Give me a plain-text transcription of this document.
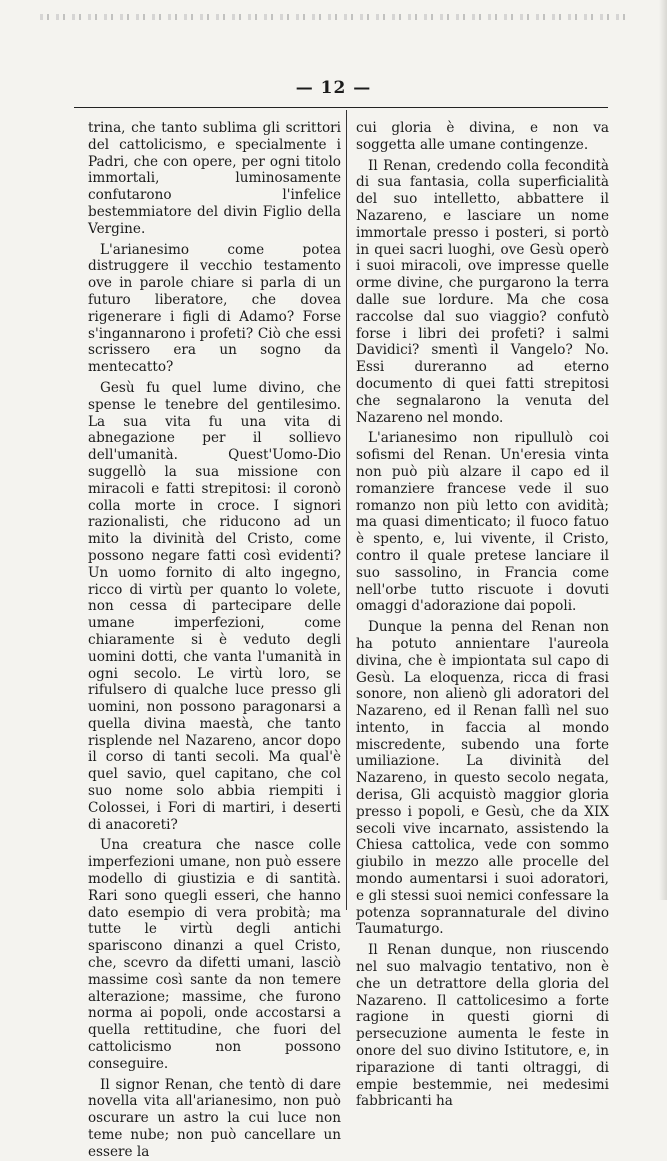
— 12 —

trina, che tanto sublima gli scrittori del cattolicismo, e specialmente i Padri, che con opere, per ogni titolo immortali, luminosamente confutarono l'infelice bestemmiatore del divin Figlio della Vergine.

L'arianesimo come potea distruggere il vecchio testamento ove in parole chiare si parla di un futuro liberatore, che dovea rigenerare i figli di Adamo? Forse s'ingannarono i profeti? Ciò che essi scrissero era un sogno da mentecatto?

Gesù fu quel lume divino, che spense le tenebre del gentilesimo. La sua vita fu una vita di abnegazione per il sollievo dell'umanità. Quest'Uomo-Dio suggellò la sua missione con miracoli e fatti strepitosi: il coronò colla morte in croce. I signori razionalisti, che riducono ad un mito la divinità del Cristo, come possono negare fatti così evidenti? Un uomo fornito di alto ingegno, ricco di virtù per quanto lo volete, non cessa di partecipare delle umane imperfezioni, come chiaramente si è veduto degli uomini dotti, che vanta l'umanità in ogni secolo. Le virtù loro, se rifulsero di qualche luce presso gli uomini, non possono paragonarsi a quella divina maestà, che tanto risplende nel Nazareno, ancor dopo il corso di tanti secoli. Ma qual'è quel savio, quel capitano, che col suo nome solo abbia riempiti i Colossei, i Fori di martiri, i deserti di anacoreti?

Una creatura che nasce colle imperfezioni umane, non può essere modello di giustizia e di santità. Rari sono quegli esseri, che hanno dato esempio di vera probità; ma tutte le virtù degli antichi spariscono dinanzi a quel Cristo, che, scevro da difetti umani, lasciò massime così sante da non temere alterazione; massime, che furono norma ai popoli, onde accostarsi a quella rettitudine, che fuori del cattolicismo non possono conseguire.

Il signor Renan, che tentò di dare novella vita all'arianesimo, non può oscurare un astro la cui luce non teme nube; non può cancellare un essere la

cui gloria è divina, e non va soggetta alle umane contingenze.

Il Renan, credendo colla fecondità di sua fantasia, colla superficialità del suo intelletto, abbattere il Nazareno, e lasciare un nome immortale presso i posteri, si portò in quei sacri luoghi, ove Gesù operò i suoi miracoli, ove impresse quelle orme divine, che purgarono la terra dalle sue lordure. Ma che cosa raccolse dal suo viaggio? confutò forse i libri dei profeti? i salmi Davidici? smentì il Vangelo? No. Essi dureranno ad eterno documento di quei fatti strepitosi che segnalarono la venuta del Nazareno nel mondo.

L'arianesimo non ripullulò coi sofismi del Renan. Un'eresia vinta non può più alzare il capo ed il romanziere francese vede il suo romanzo non più letto con avidità; ma quasi dimenticato; il fuoco fatuo è spento, e, lui vivente, il Cristo, contro il quale pretese lanciare il suo sassolino, in Francia come nell'orbe tutto riscuote i dovuti omaggi d'adorazione dai popoli.

Dunque la penna del Renan non ha potuto annientare l'aureola divina, che è impiontata sul capo di Gesù. La eloquenza, ricca di frasi sonore, non alienò gli adoratori del Nazareno, ed il Renan fallì nel suo intento, in faccia al mondo miscredente, subendo una forte umiliazione. La divinità del Nazareno, in questo secolo negata, derisa, Gli acquistò maggior gloria presso i popoli, e Gesù, che da XIX secoli vive incarnato, assistendo la Chiesa cattolica, vede con sommo giubilo in mezzo alle procelle del mondo aumentarsi i suoi adoratori, e gli stessi suoi nemici confessare la potenza soprannaturale del divino Taumaturgo.

Il Renan dunque, non riuscendo nel suo malvagio tentativo, non è che un detrattore della gloria del Nazareno. Il cattolicesimo a forte ragione in questi giorni di persecuzione aumenta le feste in onore del suo divino Istitutore, e, in riparazione di tanti oltraggi, di empie bestemmie, nei medesimi fabbricanti ha
